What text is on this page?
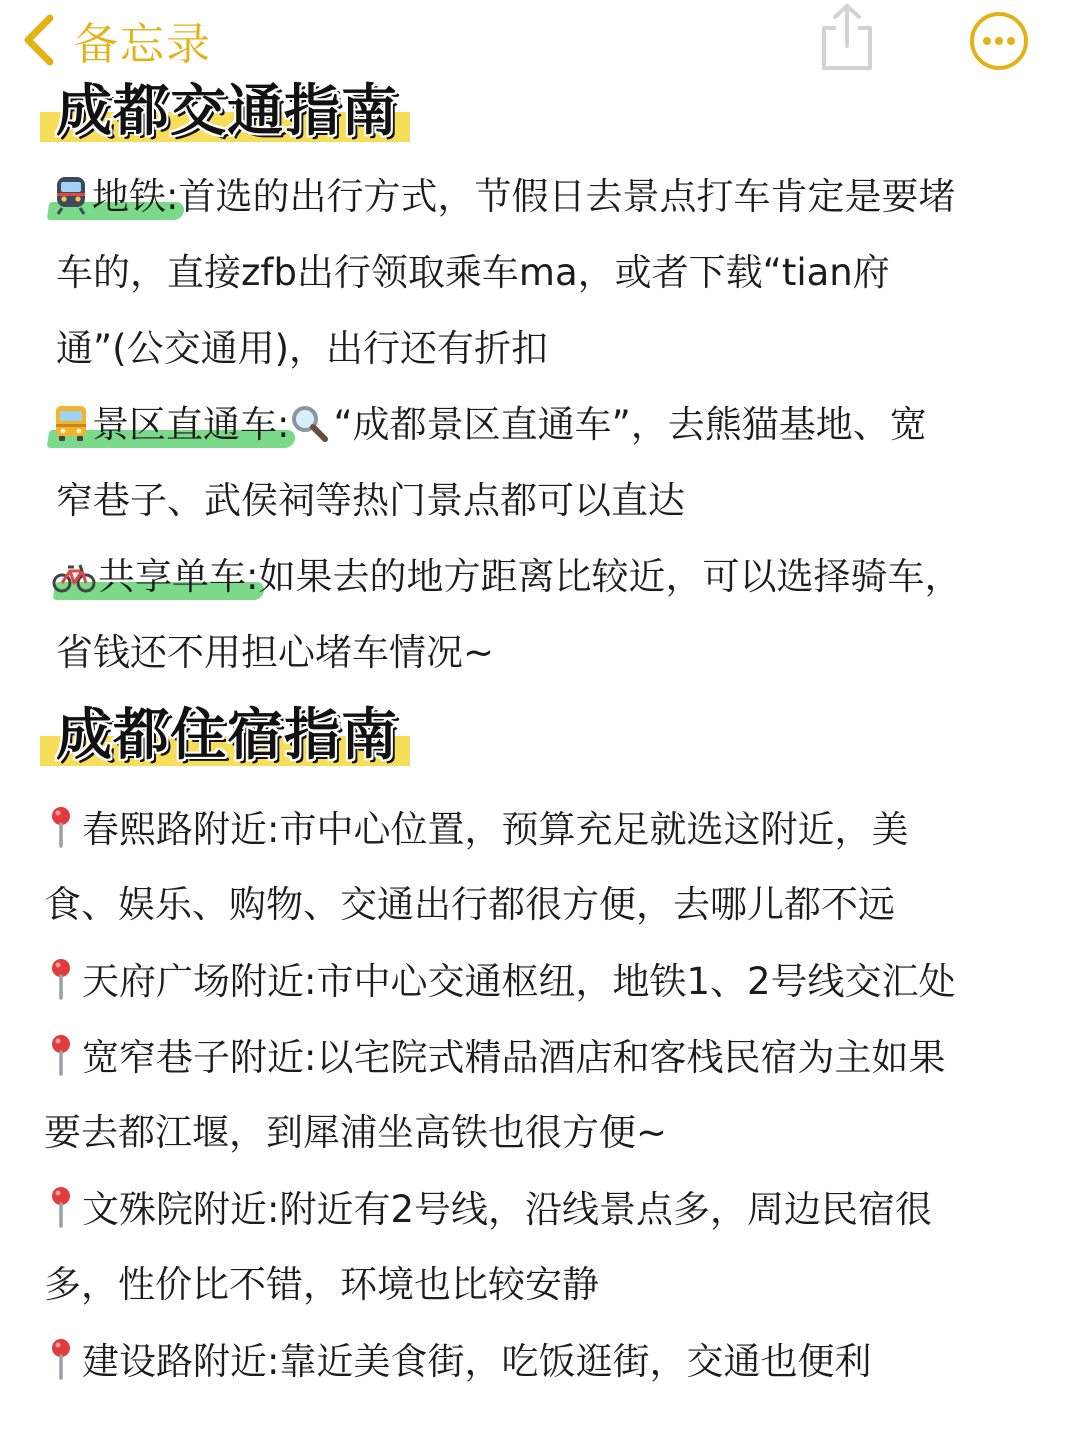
备忘录
成都交通指南
地铁:首选的出行方式，节假日去景点打车肯定是要堵
车的，直接zfb出行领取乘车ma，或者下载“tian府
通”(公交通用)，出行还有折扣
景区直通车: “成都景区直通车”，去熊猫基地、宽
窄巷子、武侯祠等热门景点都可以直达
共享单车:如果去的地方距离比较近，可以选择骑车，
省钱还不用担心堵车情况~
成都住宿指南
春熙路附近:市中心位置，预算充足就选这附近，美
食、娱乐、购物、交通出行都很方便，去哪儿都不远
天府广场附近:市中心交通枢纽，地铁1、2号线交汇处
宽窄巷子附近:以宅院式精品酒店和客栈民宿为主如果
要去都江堰，到犀浦坐高铁也很方便~
文殊院附近:附近有2号线，沿线景点多，周边民宿很
多，性价比不错，环境也比较安静
建设路附近:靠近美食街，吃饭逛街，交通也便利
